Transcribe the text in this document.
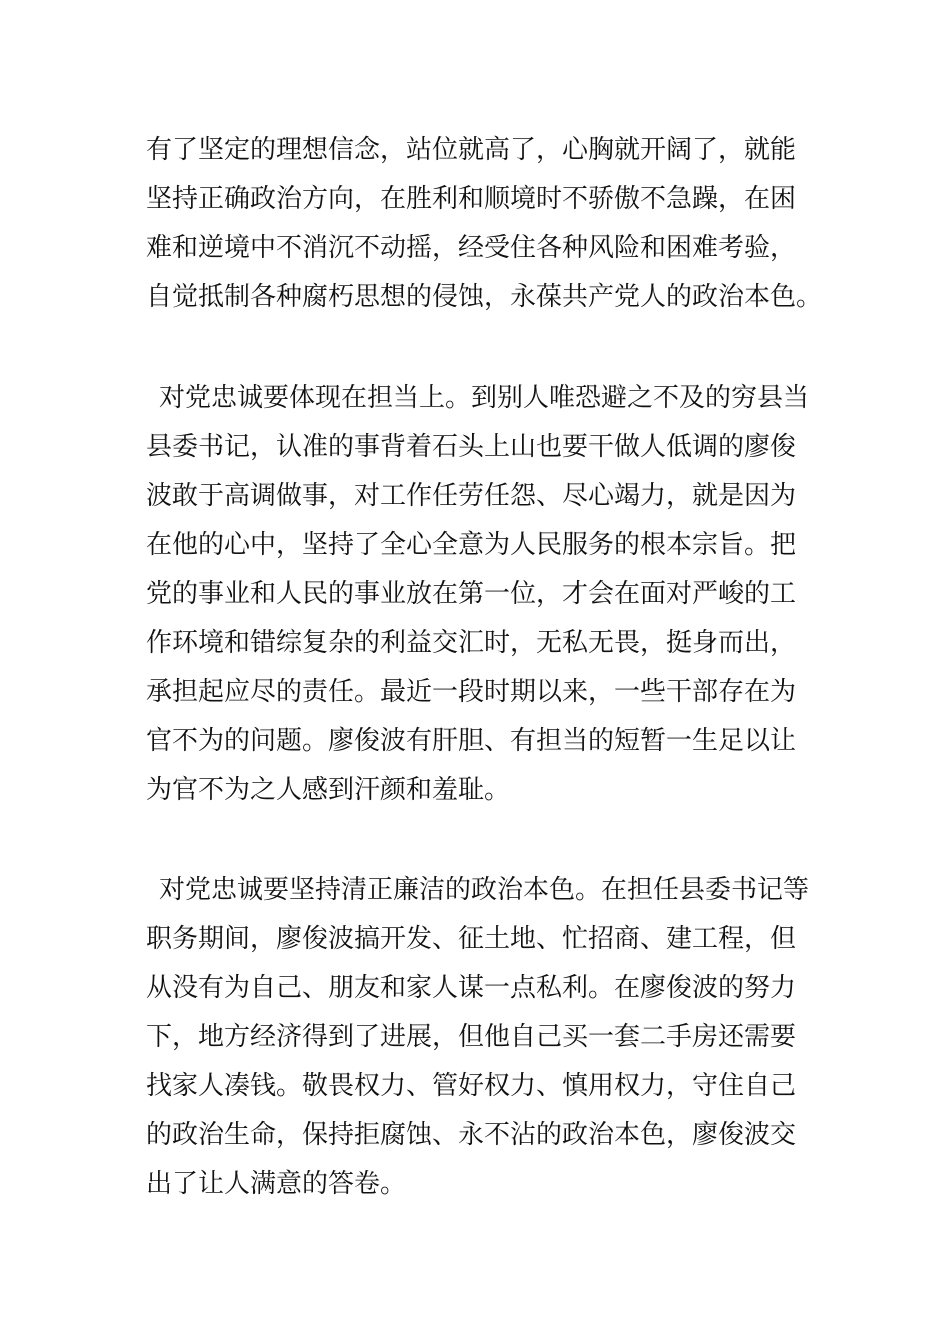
有了坚定的理想信念，站位就高了，心胸就开阔了，就能
坚持正确政治方向，在胜利和顺境时不骄傲不急躁，在困
难和逆境中不消沉不动摇，经受住各种风险和困难考验，
自觉抵制各种腐朽思想的侵蚀，永葆共产党人的政治本色。
对党忠诚要体现在担当上。到别人唯恐避之不及的穷县当
县委书记，认准的事背着石头上山也要干做人低调的廖俊
波敢于高调做事，对工作任劳任怨、尽心竭力，就是因为
在他的心中，坚持了全心全意为人民服务的根本宗旨。把
党的事业和人民的事业放在第一位，才会在面对严峻的工
作环境和错综复杂的利益交汇时，无私无畏，挺身而出，
承担起应尽的责任。最近一段时期以来，一些干部存在为
官不为的问题。廖俊波有肝胆、有担当的短暂一生足以让
为官不为之人感到汗颜和羞耻。
对党忠诚要坚持清正廉洁的政治本色。在担任县委书记等
职务期间，廖俊波搞开发、征土地、忙招商、建工程，但
从没有为自己、朋友和家人谋一点私利。在廖俊波的努力
下，地方经济得到了进展，但他自己买一套二手房还需要
找家人凑钱。敬畏权力、管好权力、慎用权力，守住自己
的政治生命，保持拒腐蚀、永不沾的政治本色，廖俊波交
出了让人满意的答卷。
